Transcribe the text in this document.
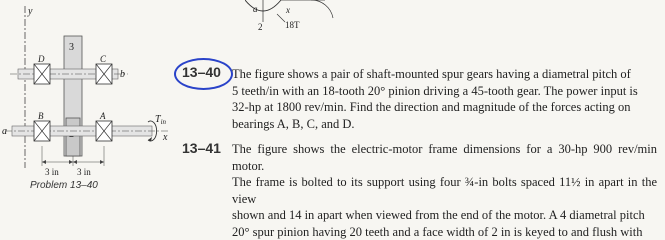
y
3
b
D	C
a
x
B	A	$T_{in}$
3 in 3 in
Problem 13–40
a
2
x
18T
13–40 The figure shows a pair of shaft-mounted spur gears having a diametral pitch of
5 teeth/in with an 18-tooth 20° pinion driving a 45-tooth gear. The power input is
32-hp at 1800 rev/min. Find the direction and magnitude of the forces acting on
bearings A, B, C, and D.
13–41 The figure shows the electric-motor frame dimensions for a 30-hp 900 rev/min motor.
The frame is bolted to its support using four ¾-in bolts spaced 11½ in apart in the view
shown and 14 in apart when viewed from the end of the motor. A 4 diametral pitch
20° spur pinion having 20 teeth and a face width of 2 in is keyed to and flush with
